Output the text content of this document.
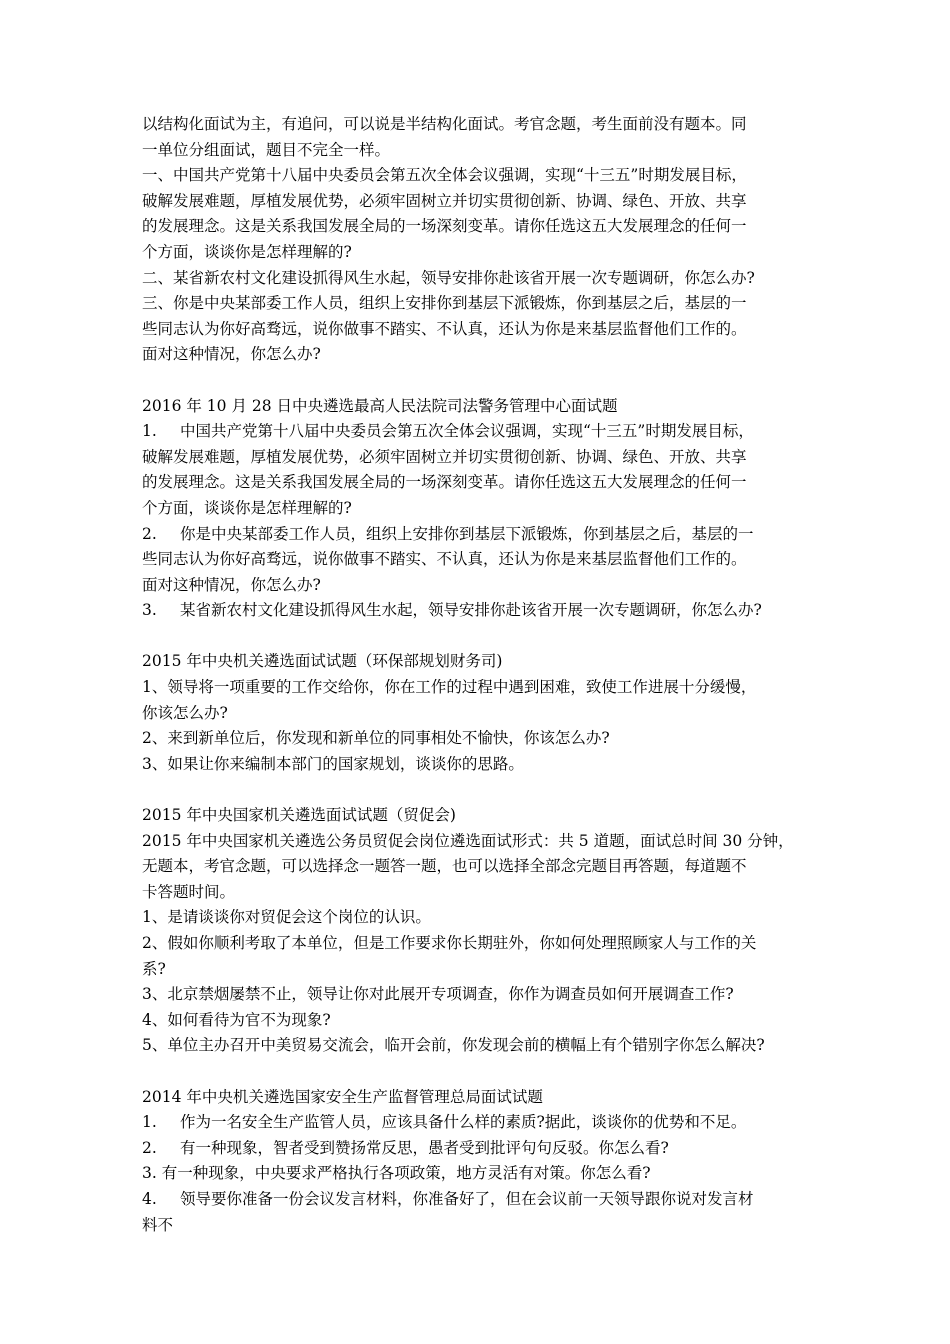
以结构化面试为主，有追问，可以说是半结构化面试。考官念题，考生面前没有题本。同
一单位分组面试，题目不完全一样。
一、中国共产党第十八届中央委员会第五次全体会议强调，实现“十三五”时期发展目标，
破解发展难题，厚植发展优势，必须牢固树立并切实贯彻创新、协调、绿色、开放、共享
的发展理念。这是关系我国发展全局的一场深刻变革。请你任选这五大发展理念的任何一
个方面，谈谈你是怎样理解的?
二、某省新农村文化建设抓得风生水起，领导安排你赴该省开展一次专题调研，你怎么办?
三、你是中央某部委工作人员，组织上安排你到基层下派锻炼，你到基层之后，基层的一
些同志认为你好高骛远，说你做事不踏实、不认真，还认为你是来基层监督他们工作的。
面对这种情况，你怎么办?
2016 年 10 月 28 日中央遴选最高人民法院司法警务管理中心面试题
1. 中国共产党第十八届中央委员会第五次全体会议强调，实现“十三五”时期发展目标，
破解发展难题，厚植发展优势，必须牢固树立并切实贯彻创新、协调、绿色、开放、共享
的发展理念。这是关系我国发展全局的一场深刻变革。请你任选这五大发展理念的任何一
个方面，谈谈你是怎样理解的?
2. 你是中央某部委工作人员，组织上安排你到基层下派锻炼，你到基层之后，基层的一
些同志认为你好高骛远，说你做事不踏实、不认真，还认为你是来基层监督他们工作的。
面对这种情况，你怎么办?
3. 某省新农村文化建设抓得风生水起，领导安排你赴该省开展一次专题调研，你怎么办?
2015 年中央机关遴选面试试题（环保部规划财务司)
1、领导将一项重要的工作交给你，你在工作的过程中遇到困难，致使工作进展十分缓慢，
你该怎么办?
2、来到新单位后，你发现和新单位的同事相处不愉快，你该怎么办?
3、如果让你来编制本部门的国家规划，谈谈你的思路。
2015 年中央国家机关遴选面试试题（贸促会)
2015 年中央国家机关遴选公务员贸促会岗位遴选面试形式：共 5 道题，面试总时间 30 分钟，
无题本，考官念题，可以选择念一题答一题，也可以选择全部念完题目再答题，每道题不
卡答题时间。
1、是请谈谈你对贸促会这个岗位的认识。
2、假如你顺利考取了本单位，但是工作要求你长期驻外，你如何处理照顾家人与工作的关
系?
3、北京禁烟屡禁不止，领导让你对此展开专项调查，你作为调查员如何开展调查工作?
4、如何看待为官不为现象?
5、单位主办召开中美贸易交流会，临开会前，你发现会前的横幅上有个错别字你怎么解决?
2014 年中央机关遴选国家安全生产监督管理总局面试试题
1. 作为一名安全生产监管人员，应该具备什么样的素质?据此，谈谈你的优势和不足。
2. 有一种现象，智者受到赞扬常反思，愚者受到批评句句反驳。你怎么看?
3. 有一种现象，中央要求严格执行各项政策，地方灵活有对策。你怎么看?
4. 领导要你准备一份会议发言材料，你准备好了，但在会议前一天领导跟你说对发言材
料不
